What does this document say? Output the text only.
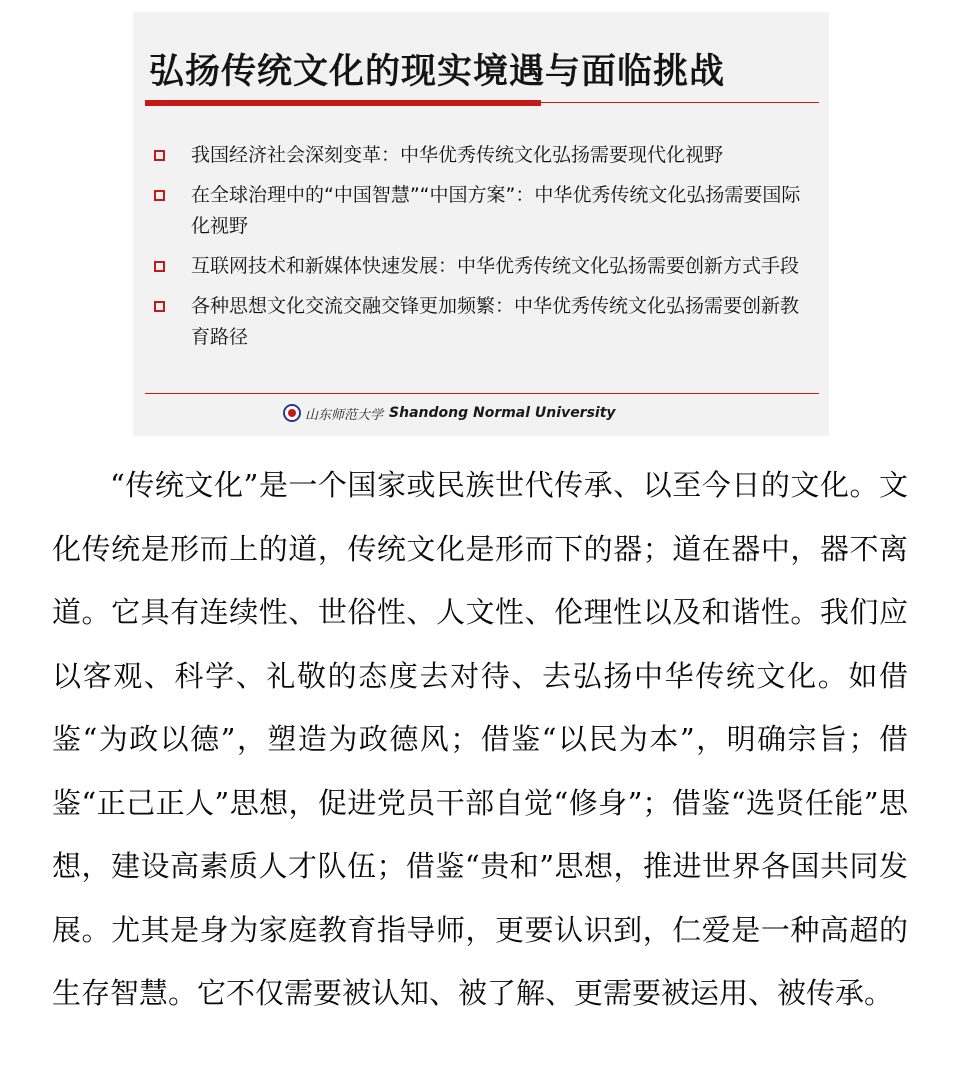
弘扬传统文化的现实境遇与面临挑战
我国经济社会深刻变革：中华优秀传统文化弘扬需要现代化视野
在全球治理中的“中国智慧”“中国方案”：中华优秀传统文化弘扬需要国际化视野
互联网技术和新媒体快速发展：中华优秀传统文化弘扬需要创新方式手段
各种思想文化交流交融交锋更加频繁：中华优秀传统文化弘扬需要创新教育路径
山东师范大学 Shandong Normal University

“传统文化”是一个国家或民族世代传承、以至今日的文化。文化传统是形而上的道，传统文化是形而下的器；道在器中，器不离道。它具有连续性、世俗性、人文性、伦理性以及和谐性。我们应以客观、科学、礼敬的态度去对待、去弘扬中华传统文化。如借鉴“为政以德”，塑造为政德风；借鉴“以民为本”，明确宗旨；借鉴“正己正人”思想，促进党员干部自觉“修身”；借鉴“选贤任能”思想，建设高素质人才队伍；借鉴“贵和”思想，推进世界各国共同发展。尤其是身为家庭教育指导师，更要认识到，仁爱是一种高超的生存智慧。它不仅需要被认知、被了解、更需要被运用、被传承。
